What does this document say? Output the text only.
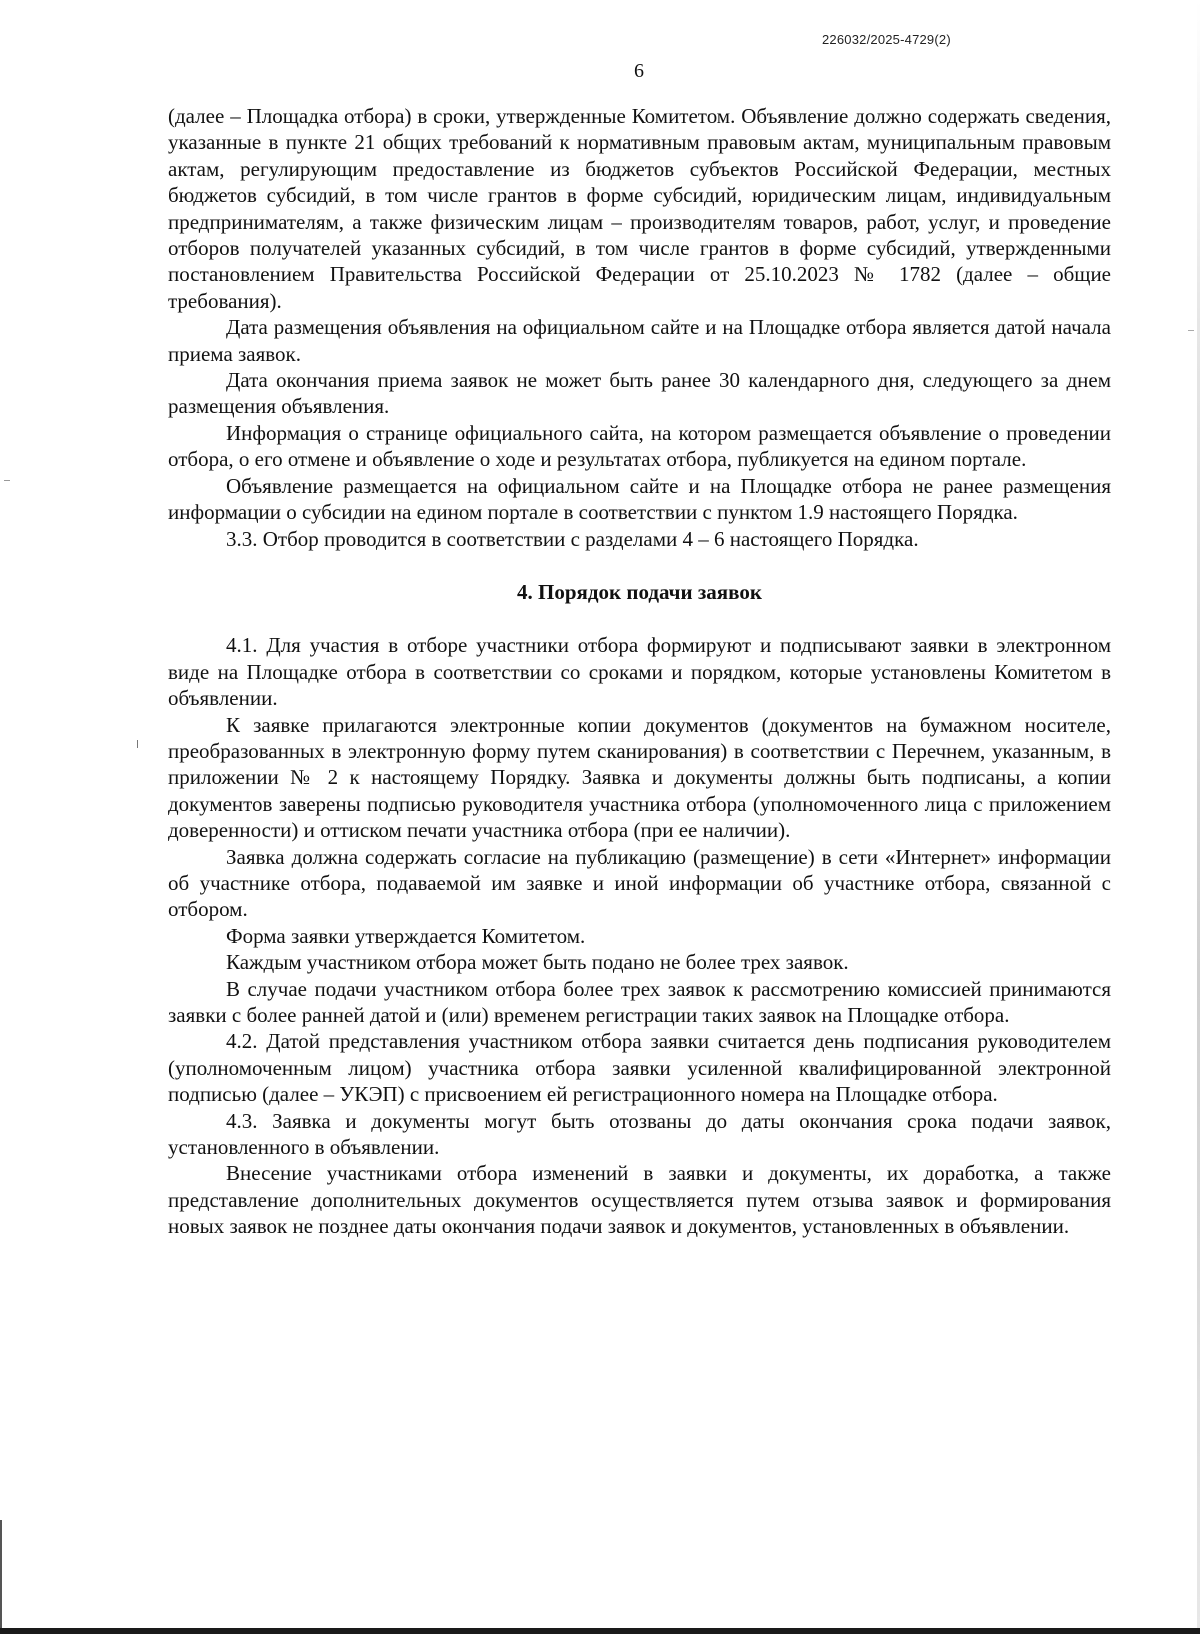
226032/2025-4729(2)
6

(далее – Площадка отбора) в сроки, утвержденные Комитетом. Объявление должно содержать сведения, указанные в пункте 21 общих требований к нормативным правовым актам, муниципальным правовым актам, регулирующим предоставление из бюджетов субъектов Российской Федерации, местных бюджетов субсидий, в том числе грантов в форме субсидий, юридическим лицам, индивидуальным предпринимателям, а также физическим лицам – производителям товаров, работ, услуг, и проведение отборов получателей указанных субсидий, в том числе грантов в форме субсидий, утвержденными постановлением Правительства Российской Федерации от 25.10.2023 № 1782 (далее – общие требования).

Дата размещения объявления на официальном сайте и на Площадке отбора является датой начала приема заявок.

Дата окончания приема заявок не может быть ранее 30 календарного дня, следующего за днем размещения объявления.

Информация о странице официального сайта, на котором размещается объявление о проведении отбора, о его отмене и объявление о ходе и результатах отбора, публикуется на едином портале.

Объявление размещается на официальном сайте и на Площадке отбора не ранее размещения информации о субсидии на едином портале в соответствии с пунктом 1.9 настоящего Порядка.

3.3. Отбор проводится в соответствии с разделами 4 – 6 настоящего Порядка.

4. Порядок подачи заявок

4.1. Для участия в отборе участники отбора формируют и подписывают заявки в электронном виде на Площадке отбора в соответствии со сроками и порядком, которые установлены Комитетом в объявлении.

К заявке прилагаются электронные копии документов (документов на бумажном носителе, преобразованных в электронную форму путем сканирования) в соответствии с Перечнем, указанным, в приложении № 2 к настоящему Порядку. Заявка и документы должны быть подписаны, а копии документов заверены подписью руководителя участника отбора (уполномоченного лица с приложением доверенности) и оттиском печати участника отбора (при ее наличии).

Заявка должна содержать согласие на публикацию (размещение) в сети «Интернет» информации об участнике отбора, подаваемой им заявке и иной информации об участнике отбора, связанной с отбором.

Форма заявки утверждается Комитетом.

Каждым участником отбора может быть подано не более трех заявок.

В случае подачи участником отбора более трех заявок к рассмотрению комиссией принимаются заявки с более ранней датой и (или) временем регистрации таких заявок на Площадке отбора.

4.2. Датой представления участником отбора заявки считается день подписания руководителем (уполномоченным лицом) участника отбора заявки усиленной квалифицированной электронной подписью (далее – УКЭП) с присвоением ей регистрационного номера на Площадке отбора.

4.3. Заявка и документы могут быть отозваны до даты окончания срока подачи заявок, установленного в объявлении.

Внесение участниками отбора изменений в заявки и документы, их доработка, а также представление дополнительных документов осуществляется путем отзыва заявок и формирования новых заявок не позднее даты окончания подачи заявок и документов, установленных в объявлении.
